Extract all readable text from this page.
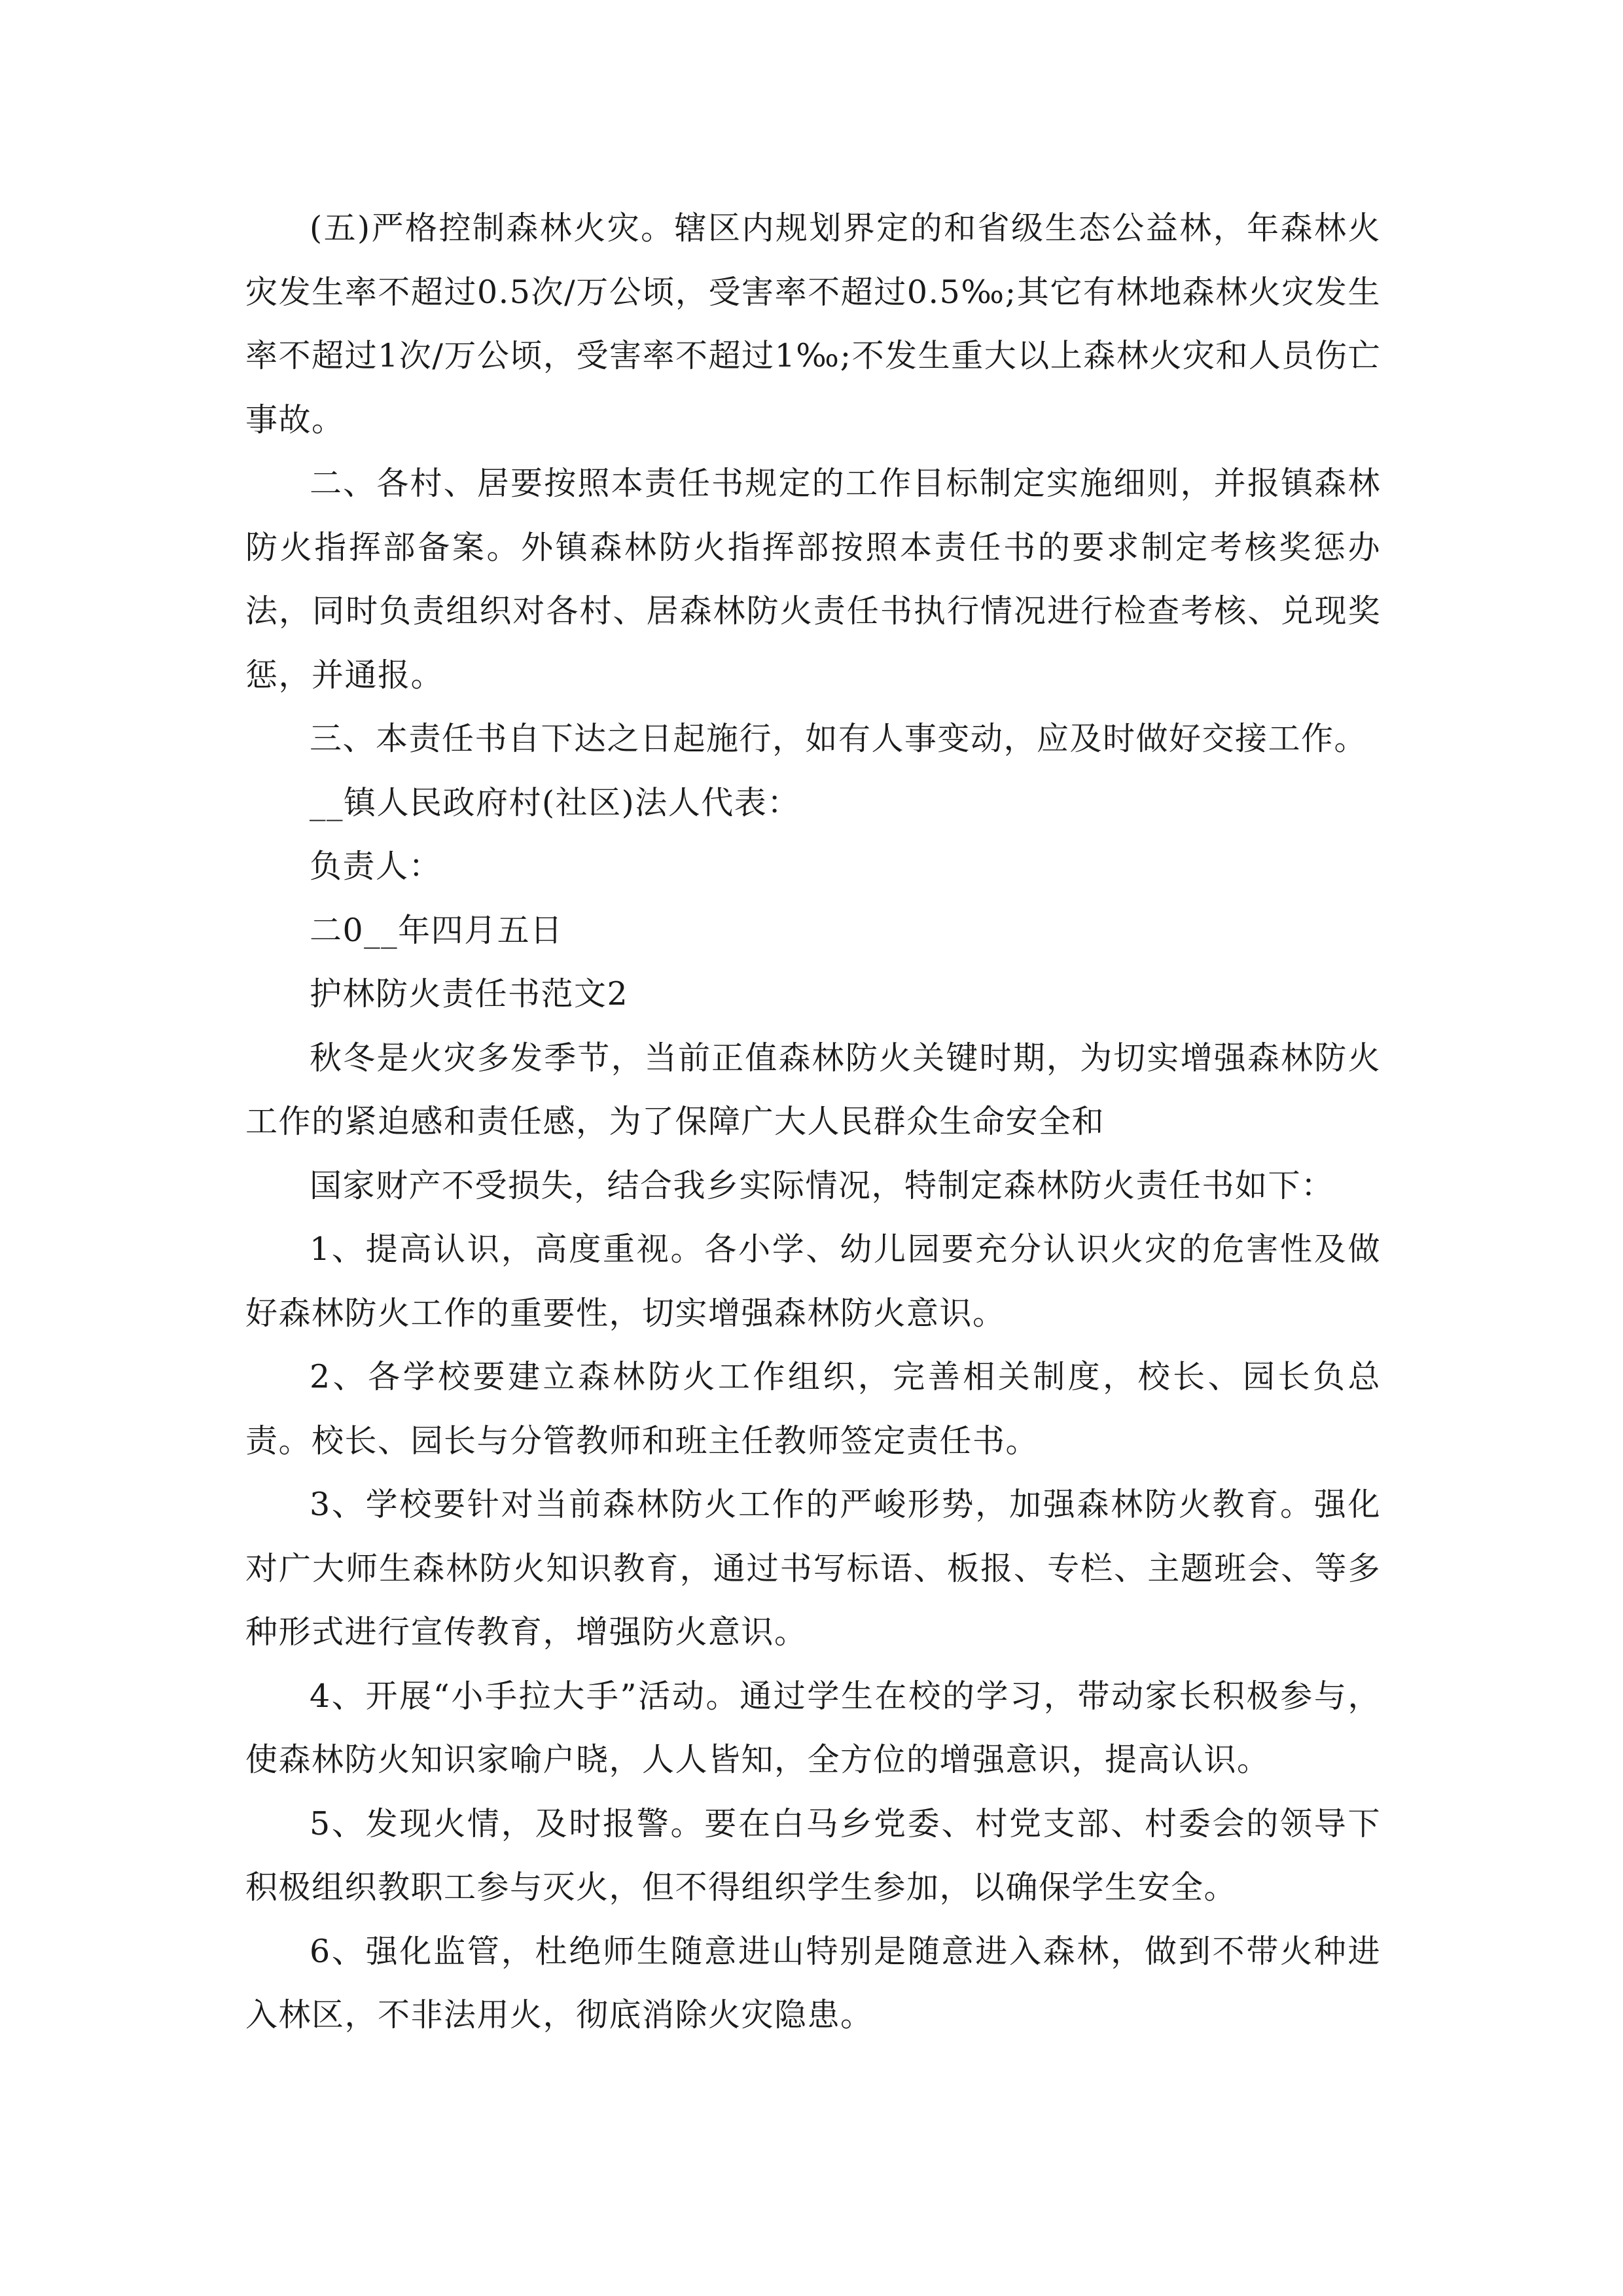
(五)严格控制森林火灾。辖区内规划界定的和省级生态公益林，年森林火灾发生率不超过0.5次/万公顷，受害率不超过0.5‰;其它有林地森林火灾发生率不超过1次/万公顷，受害率不超过1‰;不发生重大以上森林火灾和人员伤亡事故。

二、各村、居要按照本责任书规定的工作目标制定实施细则，并报镇森林防火指挥部备案。外镇森林防火指挥部按照本责任书的要求制定考核奖惩办法，同时负责组织对各村、居森林防火责任书执行情况进行检查考核、兑现奖惩，并通报。

三、本责任书自下达之日起施行，如有人事变动，应及时做好交接工作。

__镇人民政府村(社区)法人代表：

负责人：

二0__年四月五日

护林防火责任书范文2

秋冬是火灾多发季节，当前正值森林防火关键时期，为切实增强森林防火工作的紧迫感和责任感，为了保障广大人民群众生命安全和

国家财产不受损失，结合我乡实际情况，特制定森林防火责任书如下：

1、提高认识，高度重视。各小学、幼儿园要充分认识火灾的危害性及做好森林防火工作的重要性，切实增强森林防火意识。

2、各学校要建立森林防火工作组织，完善相关制度，校长、园长负总责。校长、园长与分管教师和班主任教师签定责任书。

3、学校要针对当前森林防火工作的严峻形势，加强森林防火教育。强化对广大师生森林防火知识教育，通过书写标语、板报、专栏、主题班会、等多种形式进行宣传教育，增强防火意识。

4、开展“小手拉大手”活动。通过学生在校的学习，带动家长积极参与，使森林防火知识家喻户晓，人人皆知，全方位的增强意识，提高认识。

5、发现火情，及时报警。要在白马乡党委、村党支部、村委会的领导下积极组织教职工参与灭火，但不得组织学生参加，以确保学生安全。

6、强化监管，杜绝师生随意进山特别是随意进入森林，做到不带火种进入林区，不非法用火，彻底消除火灾隐患。
